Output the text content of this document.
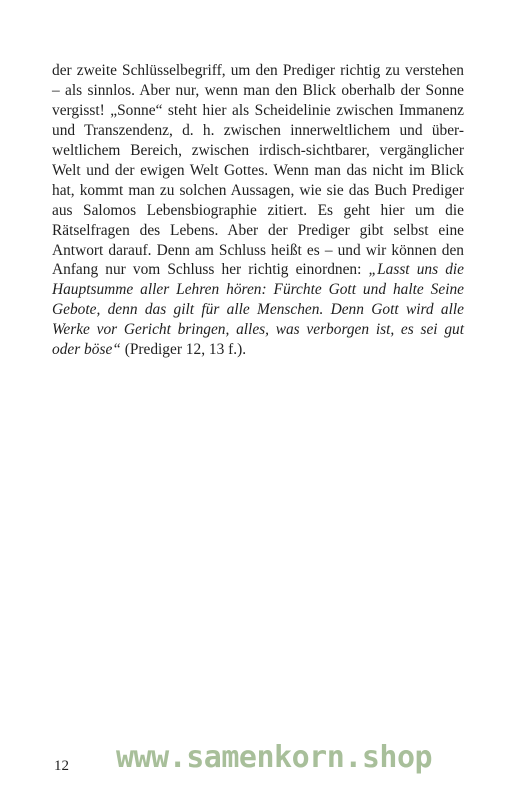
der zweite Schlüsselbegriff, um den Prediger richtig zu verstehen – als sinnlos. Aber nur, wenn man den Blick oberhalb der Sonne vergisst! „Sonne“ steht hier als Scheidelinie zwischen Immanenz und Transzendenz, d. h. zwischen innerweltlichem und über-weltlichem Bereich, zwischen irdisch-sichtbarer, vergänglicher Welt und der ewigen Welt Gottes. Wenn man das nicht im Blick hat, kommt man zu solchen Aussagen, wie sie das Buch Prediger aus Salomos Lebensbiographie zitiert. Es geht hier um die Rätselfragen des Lebens. Aber der Prediger gibt selbst eine Antwort darauf. Denn am Schluss heißt es – und wir können den Anfang nur vom Schluss her richtig einordnen: „Lasst uns die Hauptsumme aller Lehren hören: Fürchte Gott und halte Seine Gebote, denn das gilt für alle Menschen. Denn Gott wird alle Werke vor Gericht bringen, alles, was verborgen ist, es sei gut oder böse“ (Prediger 12, 13 f.).

12 www.samenkorn.shop
